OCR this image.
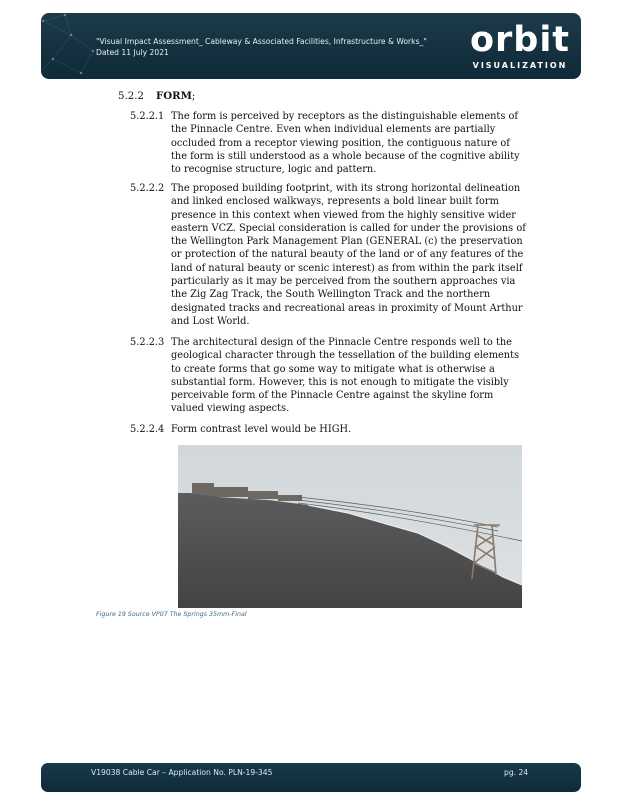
"Visual Impact Assessment_ Cableway & Associated Facilities, Infrastructure & Works_"
Dated 11 July 2021	orbit
VISUALIZATION
5.2.2 FORM;
5.2.2.1 The form is perceived by receptors as the distinguishable elements of the Pinnacle Centre. Even when individual elements are partially occluded from a receptor viewing position, the contiguous nature of the form is still understood as a whole because of the cognitive ability to recognise structure, logic and pattern.
5.2.2.2 The proposed building footprint, with its strong horizontal delineation and linked enclosed walkways, represents a bold linear built form presence in this context when viewed from the highly sensitive wider eastern VCZ. Special consideration is called for under the provisions of the Wellington Park Management Plan (GENERAL (c) the preservation or protection of the natural beauty of the land or of any features of the land of natural beauty or scenic interest) as from within the park itself particularly as it may be perceived from the southern approaches via the Zig Zag Track, the South Wellington Track and the northern designated tracks and recreational areas in proximity of Mount Arthur and Lost World.
5.2.2.3 The architectural design of the Pinnacle Centre responds well to the geological character through the tessellation of the building elements to create forms that go some way to mitigate what is otherwise a substantial form. However, this is not enough to mitigate the visibly perceivable form of the Pinnacle Centre against the skyline form valued viewing aspects.
5.2.2.4 Form contrast level would be HIGH.
Figure 19 Source VP07 The Springs 35mm-Final
V19038 Cable Car – Application No. PLN-19-345	pg. 24
